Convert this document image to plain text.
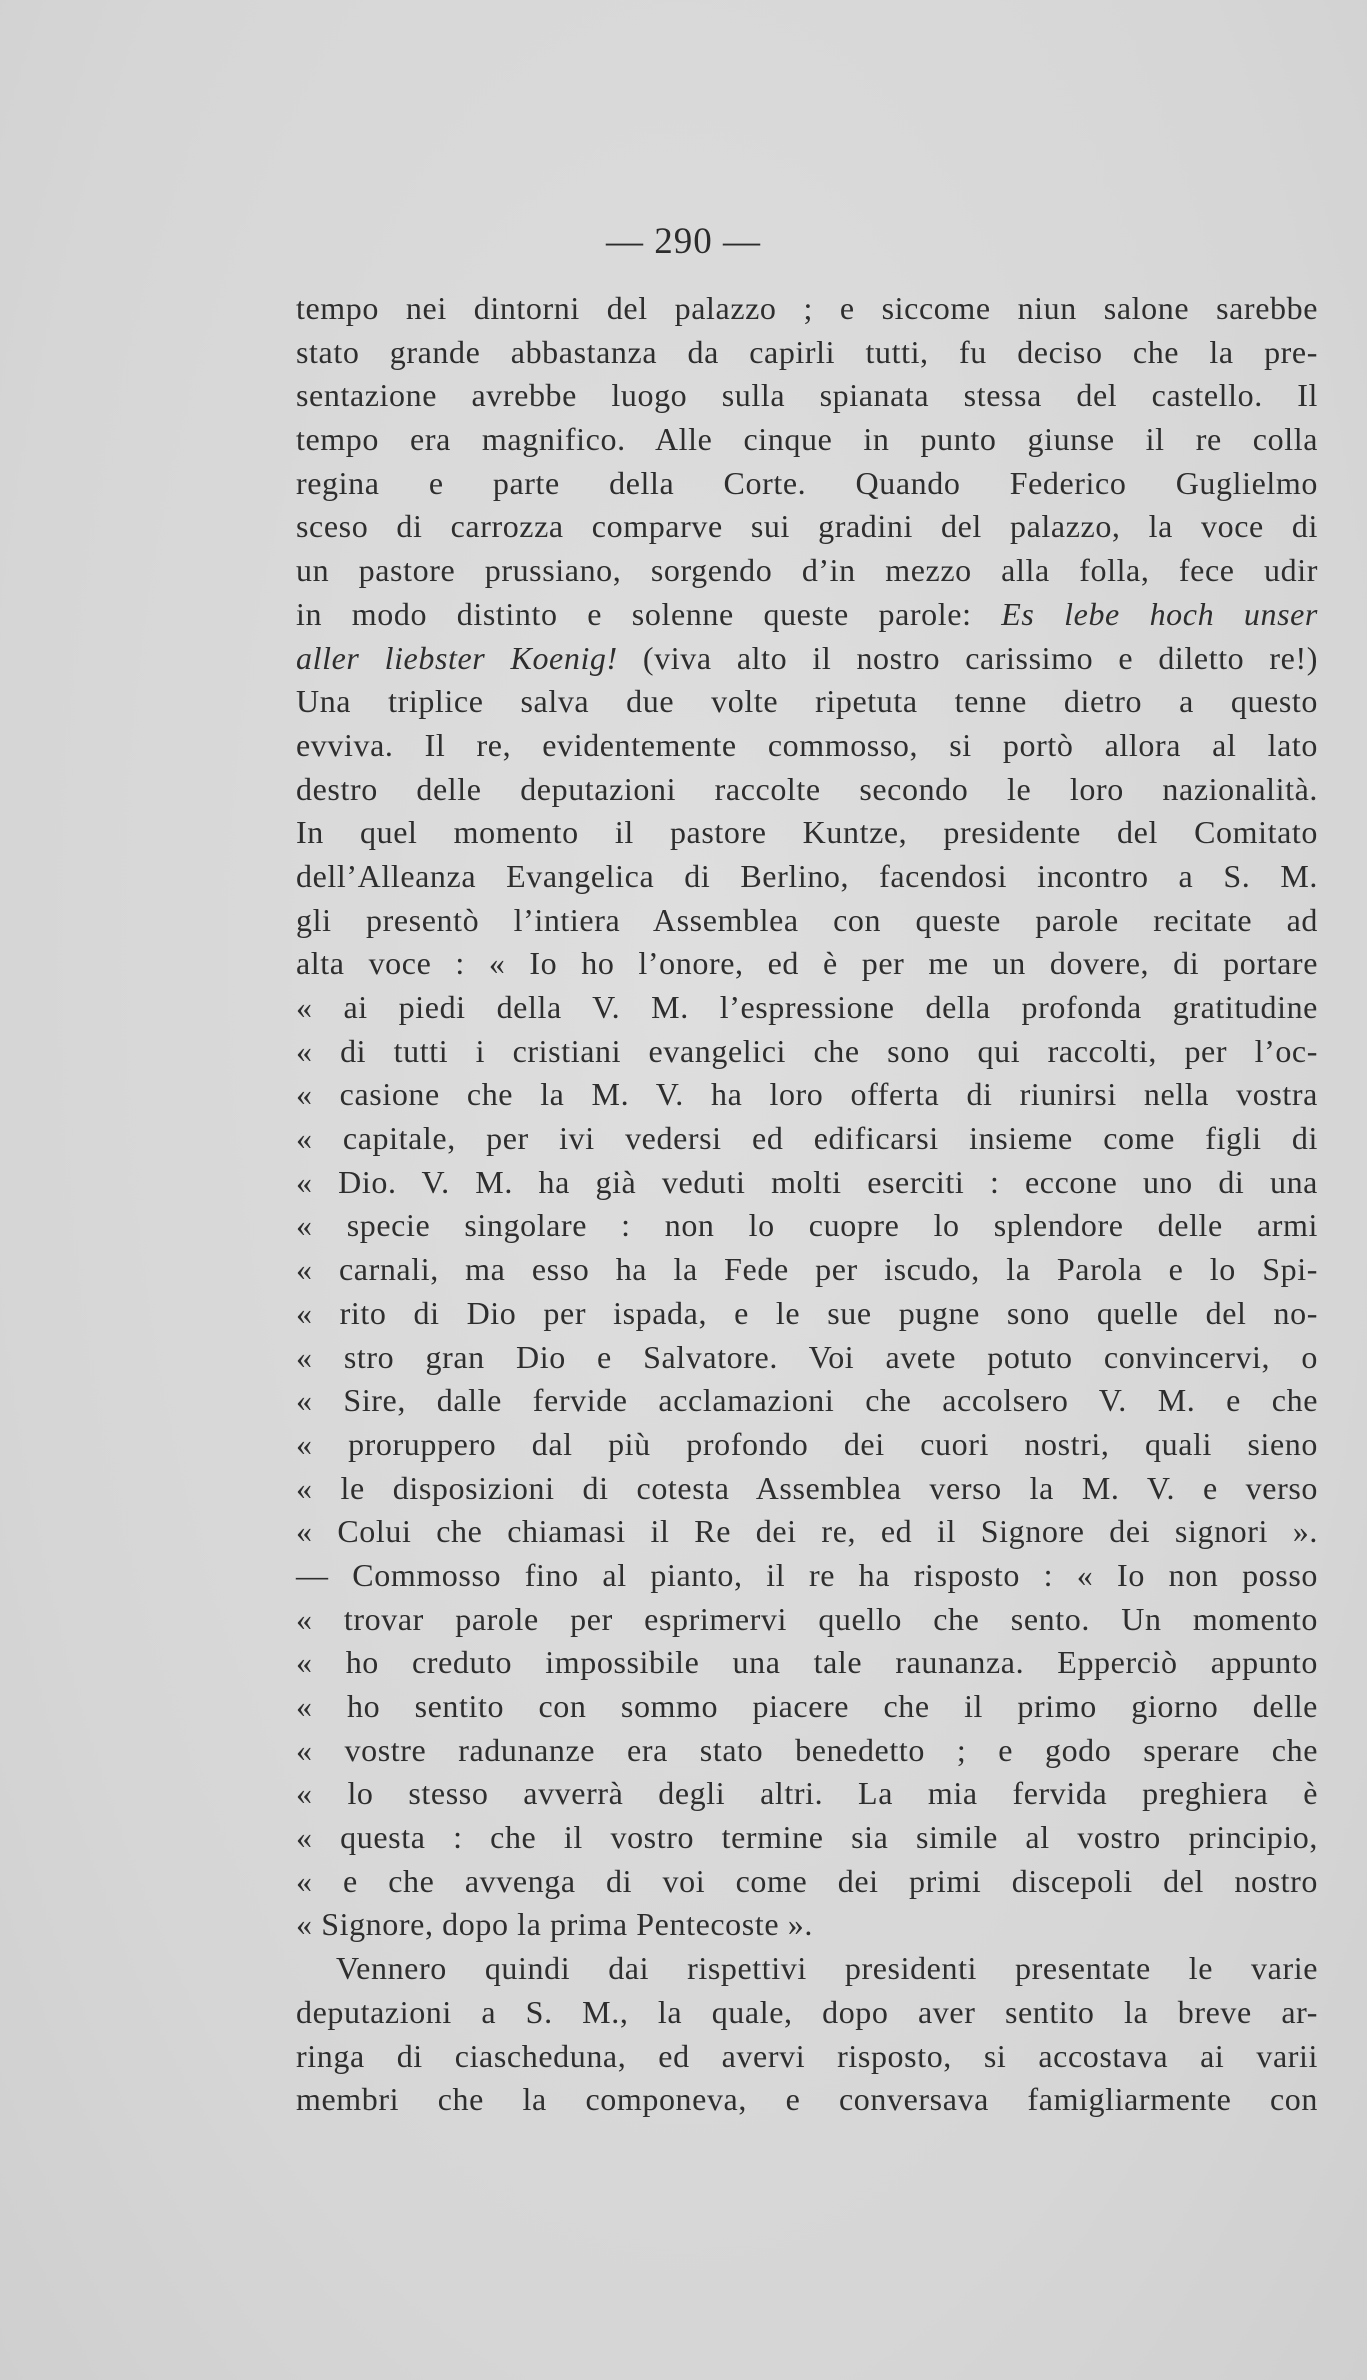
— 290 —
tempo nei dintorni del palazzo ; e siccome niun salone sarebbe
stato grande abbastanza da capirli tutti, fu deciso che la pre-
sentazione avrebbe luogo sulla spianata stessa del castello. Il
tempo era magnifico. Alle cinque in punto giunse il re colla
regina e parte della Corte. Quando Federico Guglielmo
sceso di carrozza comparve sui gradini del palazzo, la voce di
un pastore prussiano, sorgendo d’in mezzo alla folla, fece udir
in modo distinto e solenne queste parole: Es lebe hoch unser
aller liebster Koenig! (viva alto il nostro carissimo e diletto re!)
Una triplice salva due volte ripetuta tenne dietro a questo
evviva. Il re, evidentemente commosso, si portò allora al lato
destro delle deputazioni raccolte secondo le loro nazionalità.
In quel momento il pastore Kuntze, presidente del Comitato
dell’Alleanza Evangelica di Berlino, facendosi incontro a S. M.
gli presentò l’intiera Assemblea con queste parole recitate ad
alta voce : « Io ho l’onore, ed è per me un dovere, di portare
« ai piedi della V. M. l’espressione della profonda gratitudine
« di tutti i cristiani evangelici che sono qui raccolti, per l’oc-
« casione che la M. V. ha loro offerta di riunirsi nella vostra
« capitale, per ivi vedersi ed edificarsi insieme come figli di
« Dio. V. M. ha già veduti molti eserciti : eccone uno di una
« specie singolare : non lo cuopre lo splendore delle armi
« carnali, ma esso ha la Fede per iscudo, la Parola e lo Spi-
« rito di Dio per ispada, e le sue pugne sono quelle del no-
« stro gran Dio e Salvatore. Voi avete potuto convincervi, o
« Sire, dalle fervide acclamazioni che accolsero V. M. e che
« proruppero dal più profondo dei cuori nostri, quali sieno
« le disposizioni di cotesta Assemblea verso la M. V. e verso
« Colui che chiamasi il Re dei re, ed il Signore dei signori ».
— Commosso fino al pianto, il re ha risposto : « Io non posso
« trovar parole per esprimervi quello che sento. Un momento
« ho creduto impossibile una tale raunanza. Epperciò appunto
« ho sentito con sommo piacere che il primo giorno delle
« vostre radunanze era stato benedetto ; e godo sperare che
« lo stesso avverrà degli altri. La mia fervida preghiera è
« questa : che il vostro termine sia simile al vostro principio,
« e che avvenga di voi come dei primi discepoli del nostro
« Signore, dopo la prima Pentecoste ».
Vennero quindi dai rispettivi presidenti presentate le varie
deputazioni a S. M., la quale, dopo aver sentito la breve ar-
ringa di ciascheduna, ed avervi risposto, si accostava ai varii
membri che la componeva, e conversava famigliarmente con
